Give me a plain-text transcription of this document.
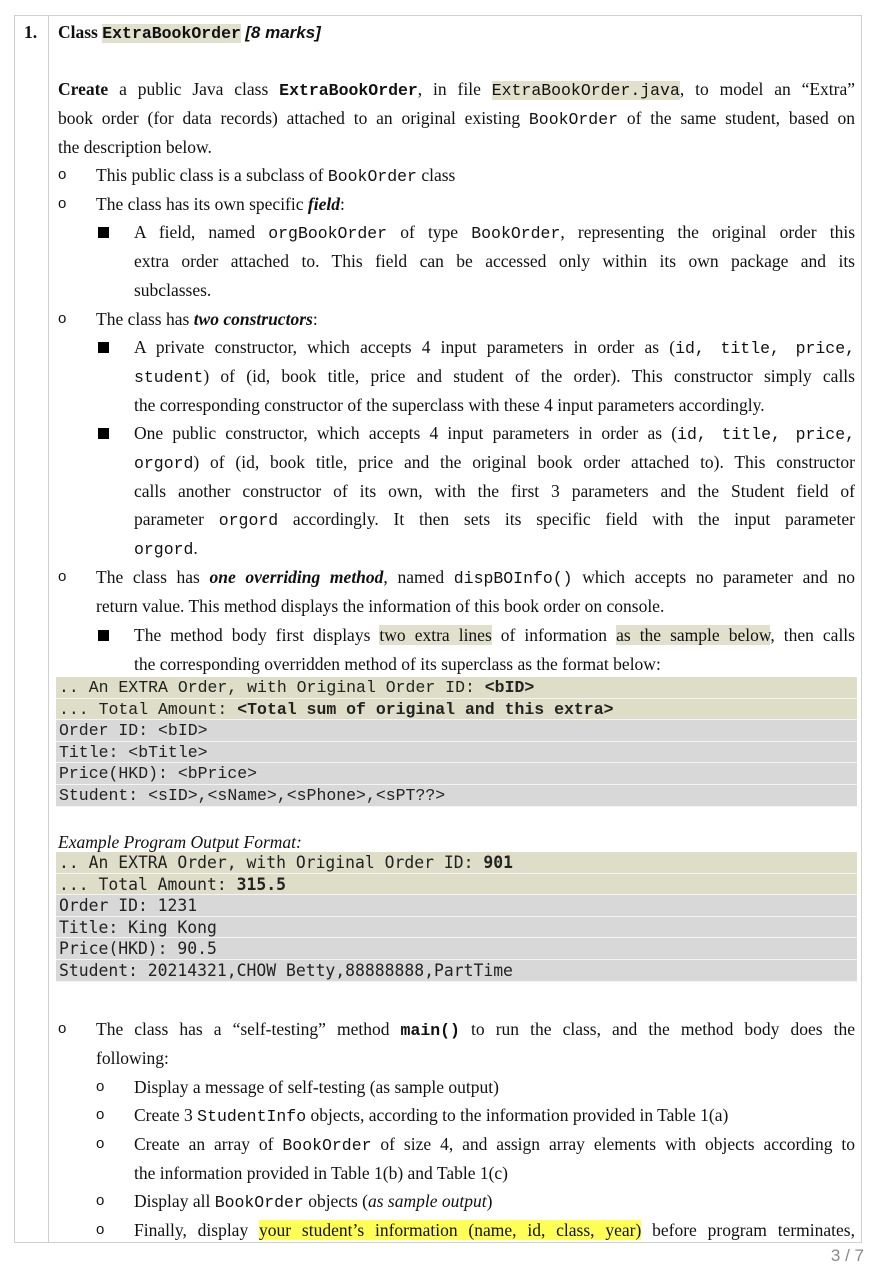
1. Class ExtraBookOrder [8 marks]
Create a public Java class ExtraBookOrder, in file ExtraBookOrder.java, to model an “Extra”
book order (for data records) attached to an original existing BookOrder of the same student, based on
the description below.
o	This public class is a subclass of BookOrder class
o	The class has its own specific field:
A field, named orgBookOrder of type BookOrder, representing the original order this
extra order attached to. This field can be accessed only within its own package and its
subclasses.
o	The class has two constructors:
A private constructor, which accepts 4 input parameters in order as (id, title, price,
student) of (id, book title, price and student of the order). This constructor simply calls
the corresponding constructor of the superclass with these 4 input parameters accordingly.
One public constructor, which accepts 4 input parameters in order as (id, title, price,
orgord) of (id, book title, price and the original book order attached to). This constructor
calls another constructor of its own, with the first 3 parameters and the Student field of
parameter orgord accordingly. It then sets its specific field with the input parameter
orgord.
o	The class has one overriding method, named dispBOInfo() which accepts no parameter and no
return value. This method displays the information of this book order on console.
The method body first displays two extra lines of information as the sample below, then calls
the corresponding overridden method of its superclass as the format below:
.. An EXTRA Order, with Original Order ID: <bID>
... Total Amount: <Total sum of original and this extra>
Order ID: <bID>
Title: <bTitle>
Price(HKD): <bPrice>
Student: <sID>,<sName>,<sPhone>,<sPT??>
Example Program Output Format:
.. An EXTRA Order, with Original Order ID: 901
... Total Amount: 315.5
Order ID: 1231
Title: King Kong
Price(HKD): 90.5
Student: 20214321,CHOW Betty,88888888,PartTime
o	The class has a “self-testing” method main() to run the class, and the method body does the
following:
o	Display a message of self-testing (as sample output)
o	Create 3 StudentInfo objects, according to the information provided in Table 1(a)
o	Create an array of BookOrder of size 4, and assign array elements with objects according to
the information provided in Table 1(b) and Table 1(c)
o	Display all BookOrder objects (as sample output)
o	Finally, display your student’s information (name, id, class, year) before program terminates,
3 / 7
